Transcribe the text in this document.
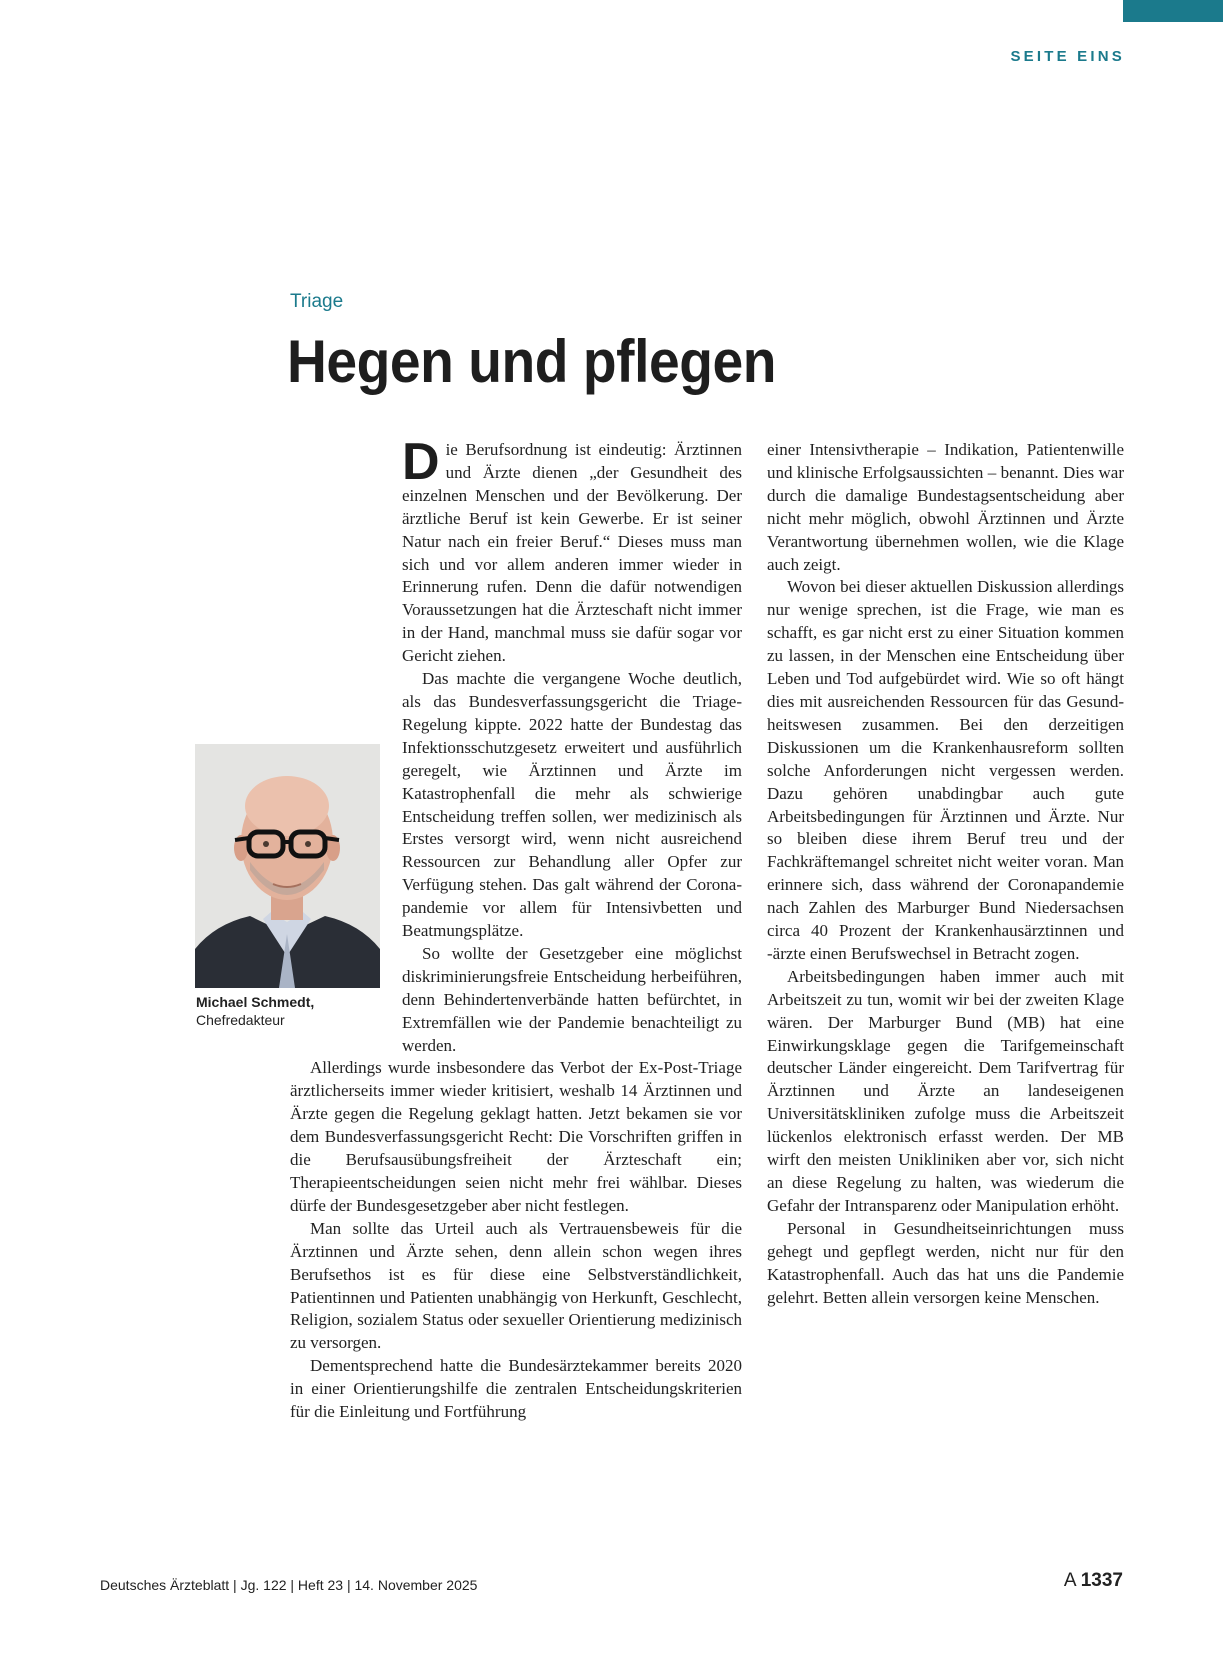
SEITE EINS
Triage
Hegen und pflegen

Die Berufsordnung ist eindeutig: Ärztinnen und Ärzte dienen „der Gesundheit des einzelnen Menschen und der Bevölkerung. Der ärztliche Beruf ist kein Gewerbe. Er ist seiner Natur nach ein freier Beruf.“ Dieses muss man sich und vor allem anderen immer wieder in Erinnerung rufen. Denn die dafür notwendigen Voraussetzungen hat die Ärzteschaft nicht immer in der Hand, manchmal muss sie dafür sogar vor Gericht ziehen.

Das machte die vergangene Woche deutlich, als das Bundesverfassungsgericht die Triage-Regelung kippte. 2022 hatte der Bundestag das Infektionsschutzgesetz erweitert und ausführlich geregelt, wie Ärztinnen und Ärzte im Katastrophenfall die mehr als schwierige Entscheidung treffen sollen, wer medizinisch als Erstes versorgt wird, wenn nicht ausreichend Ressourcen zur Behandlung aller Opfer zur Verfügung stehen. Das galt während der Coronapandemie vor allem für Intensivbetten und Beatmungsplätze.

So wollte der Gesetzgeber eine möglichst diskriminierungsfreie Entscheidung herbeiführen, denn Behindertenverbände hatten befürchtet, in Extremfällen wie der Pandemie benachteiligt zu werden.

Allerdings wurde insbesondere das Verbot der Ex-Post-Triage ärztlicherseits immer wieder kritisiert, weshalb 14 Ärztinnen und Ärzte gegen die Regelung geklagt hatten. Jetzt bekamen sie vor dem Bundesverfassungsgericht Recht: Die Vorschriften griffen in die Berufsausübungsfreiheit der Ärzteschaft ein; Therapieentscheidungen seien nicht mehr frei wählbar. Dieses dürfe der Bundesgesetzgeber aber nicht festlegen.

Man sollte das Urteil auch als Vertrauensbeweis für die Ärztinnen und Ärzte sehen, denn allein schon wegen ihres Berufsethos ist es für diese eine Selbstverständlichkeit, Patientinnen und Patienten unabhängig von Herkunft, Geschlecht, Religion, sozialem Status oder sexueller Orientierung medizinisch zu versorgen.

Dementsprechend hatte die Bundesärztekammer bereits 2020 in einer Orientierungshilfe die zentralen Entscheidungskriterien für die Einleitung und Fortführung

einer Intensivtherapie – Indikation, Patientenwille und klinische Erfolgsaussichten – benannt. Dies war durch die damalige Bundestagsentscheidung aber nicht mehr möglich, obwohl Ärztinnen und Ärzte Verantwortung übernehmen wollen, wie die Klage auch zeigt.

Wovon bei dieser aktuellen Diskussion allerdings nur wenige sprechen, ist die Frage, wie man es schafft, es gar nicht erst zu einer Situation kommen zu lassen, in der Menschen eine Entscheidung über Leben und Tod aufgebürdet wird. Wie so oft hängt dies mit ausreichenden Ressourcen für das Gesundheitswesen zusammen. Bei den derzeitigen Diskussionen um die Krankenhausreform sollten solche Anforderungen nicht vergessen werden. Dazu gehören unabdingbar auch gute Arbeitsbedingungen für Ärztinnen und Ärzte. Nur so bleiben diese ihrem Beruf treu und der Fachkräftemangel schreitet nicht weiter voran. Man erinnere sich, dass während der Coronapandemie nach Zahlen des Marburger Bund Niedersachsen circa 40 Prozent der Krankenhausärztinnen und -ärzte einen Berufswechsel in Betracht zogen.

Arbeitsbedingungen haben immer auch mit Arbeitszeit zu tun, womit wir bei der zweiten Klage wären. Der Marburger Bund (MB) hat eine Einwirkungsklage gegen die Tarifgemeinschaft deutscher Länder eingereicht. Dem Tarifvertrag für Ärztinnen und Ärzte an landeseigenen Universitätskliniken zufolge muss die Arbeitszeit lückenlos elektronisch erfasst werden. Der MB wirft den meisten Unikliniken aber vor, sich nicht an diese Regelung zu halten, was wiederum die Gefahr der Intransparenz oder Manipulation erhöht.

Personal in Gesundheitseinrichtungen muss gehegt und gepflegt werden, nicht nur für den Katastrophenfall. Auch das hat uns die Pandemie gelehrt. Betten allein versorgen keine Menschen.

Michael Schmedt,
Chefredakteur
Deutsches Ärzteblatt | Jg. 122 | Heft 23 | 14. November 2025	A 1337
